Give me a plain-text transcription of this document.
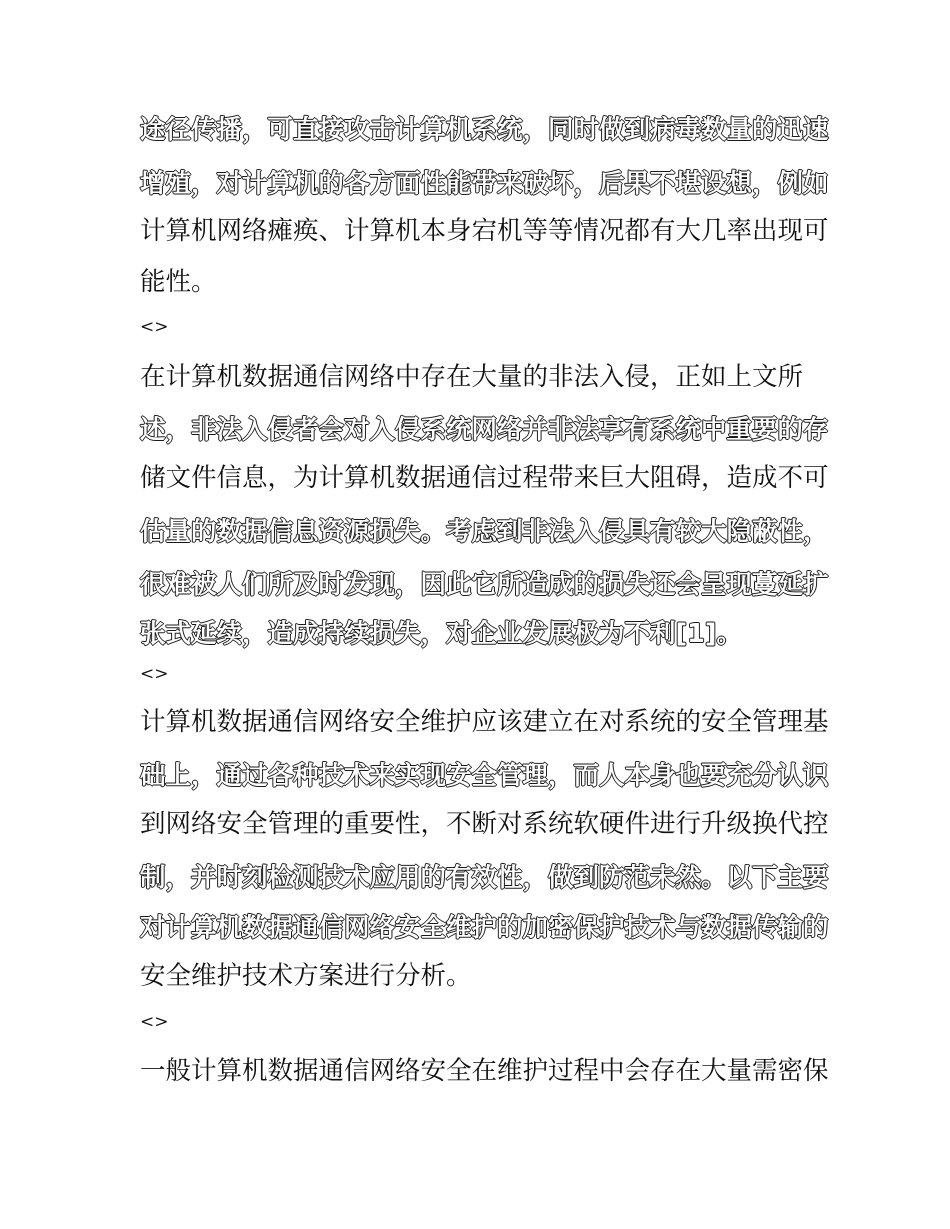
途径传播，可直接攻击计算机系统，同时做到病毒数量的迅速
增殖，对计算机的各方面性能带来破坏，后果不堪设想，例如
计算机网络瘫痪、计算机本身宕机等等情况都有大几率出现可
能性。
<>
在计算机数据通信网络中存在大量的非法入侵，正如上文所
述，非法入侵者会对入侵系统网络并非法享有系统中重要的存
储文件信息，为计算机数据通信过程带来巨大阻碍，造成不可
估量的数据信息资源损失。考虑到非法入侵具有较大隐蔽性，
很难被人们所及时发现，因此它所造成的损失还会呈现蔓延扩
张式延续，造成持续损失，对企业发展极为不利[1]。
<>
计算机数据通信网络安全维护应该建立在对系统的安全管理基
础上，通过各种技术来实现安全管理，而人本身也要充分认识
到网络安全管理的重要性，不断对系统软硬件进行升级换代控
制，并时刻检测技术应用的有效性，做到防范未然。以下主要
对计算机数据通信网络安全维护的加密保护技术与数据传输的
安全维护技术方案进行分析。
<>
一般计算机数据通信网络安全在维护过程中会存在大量需密保
